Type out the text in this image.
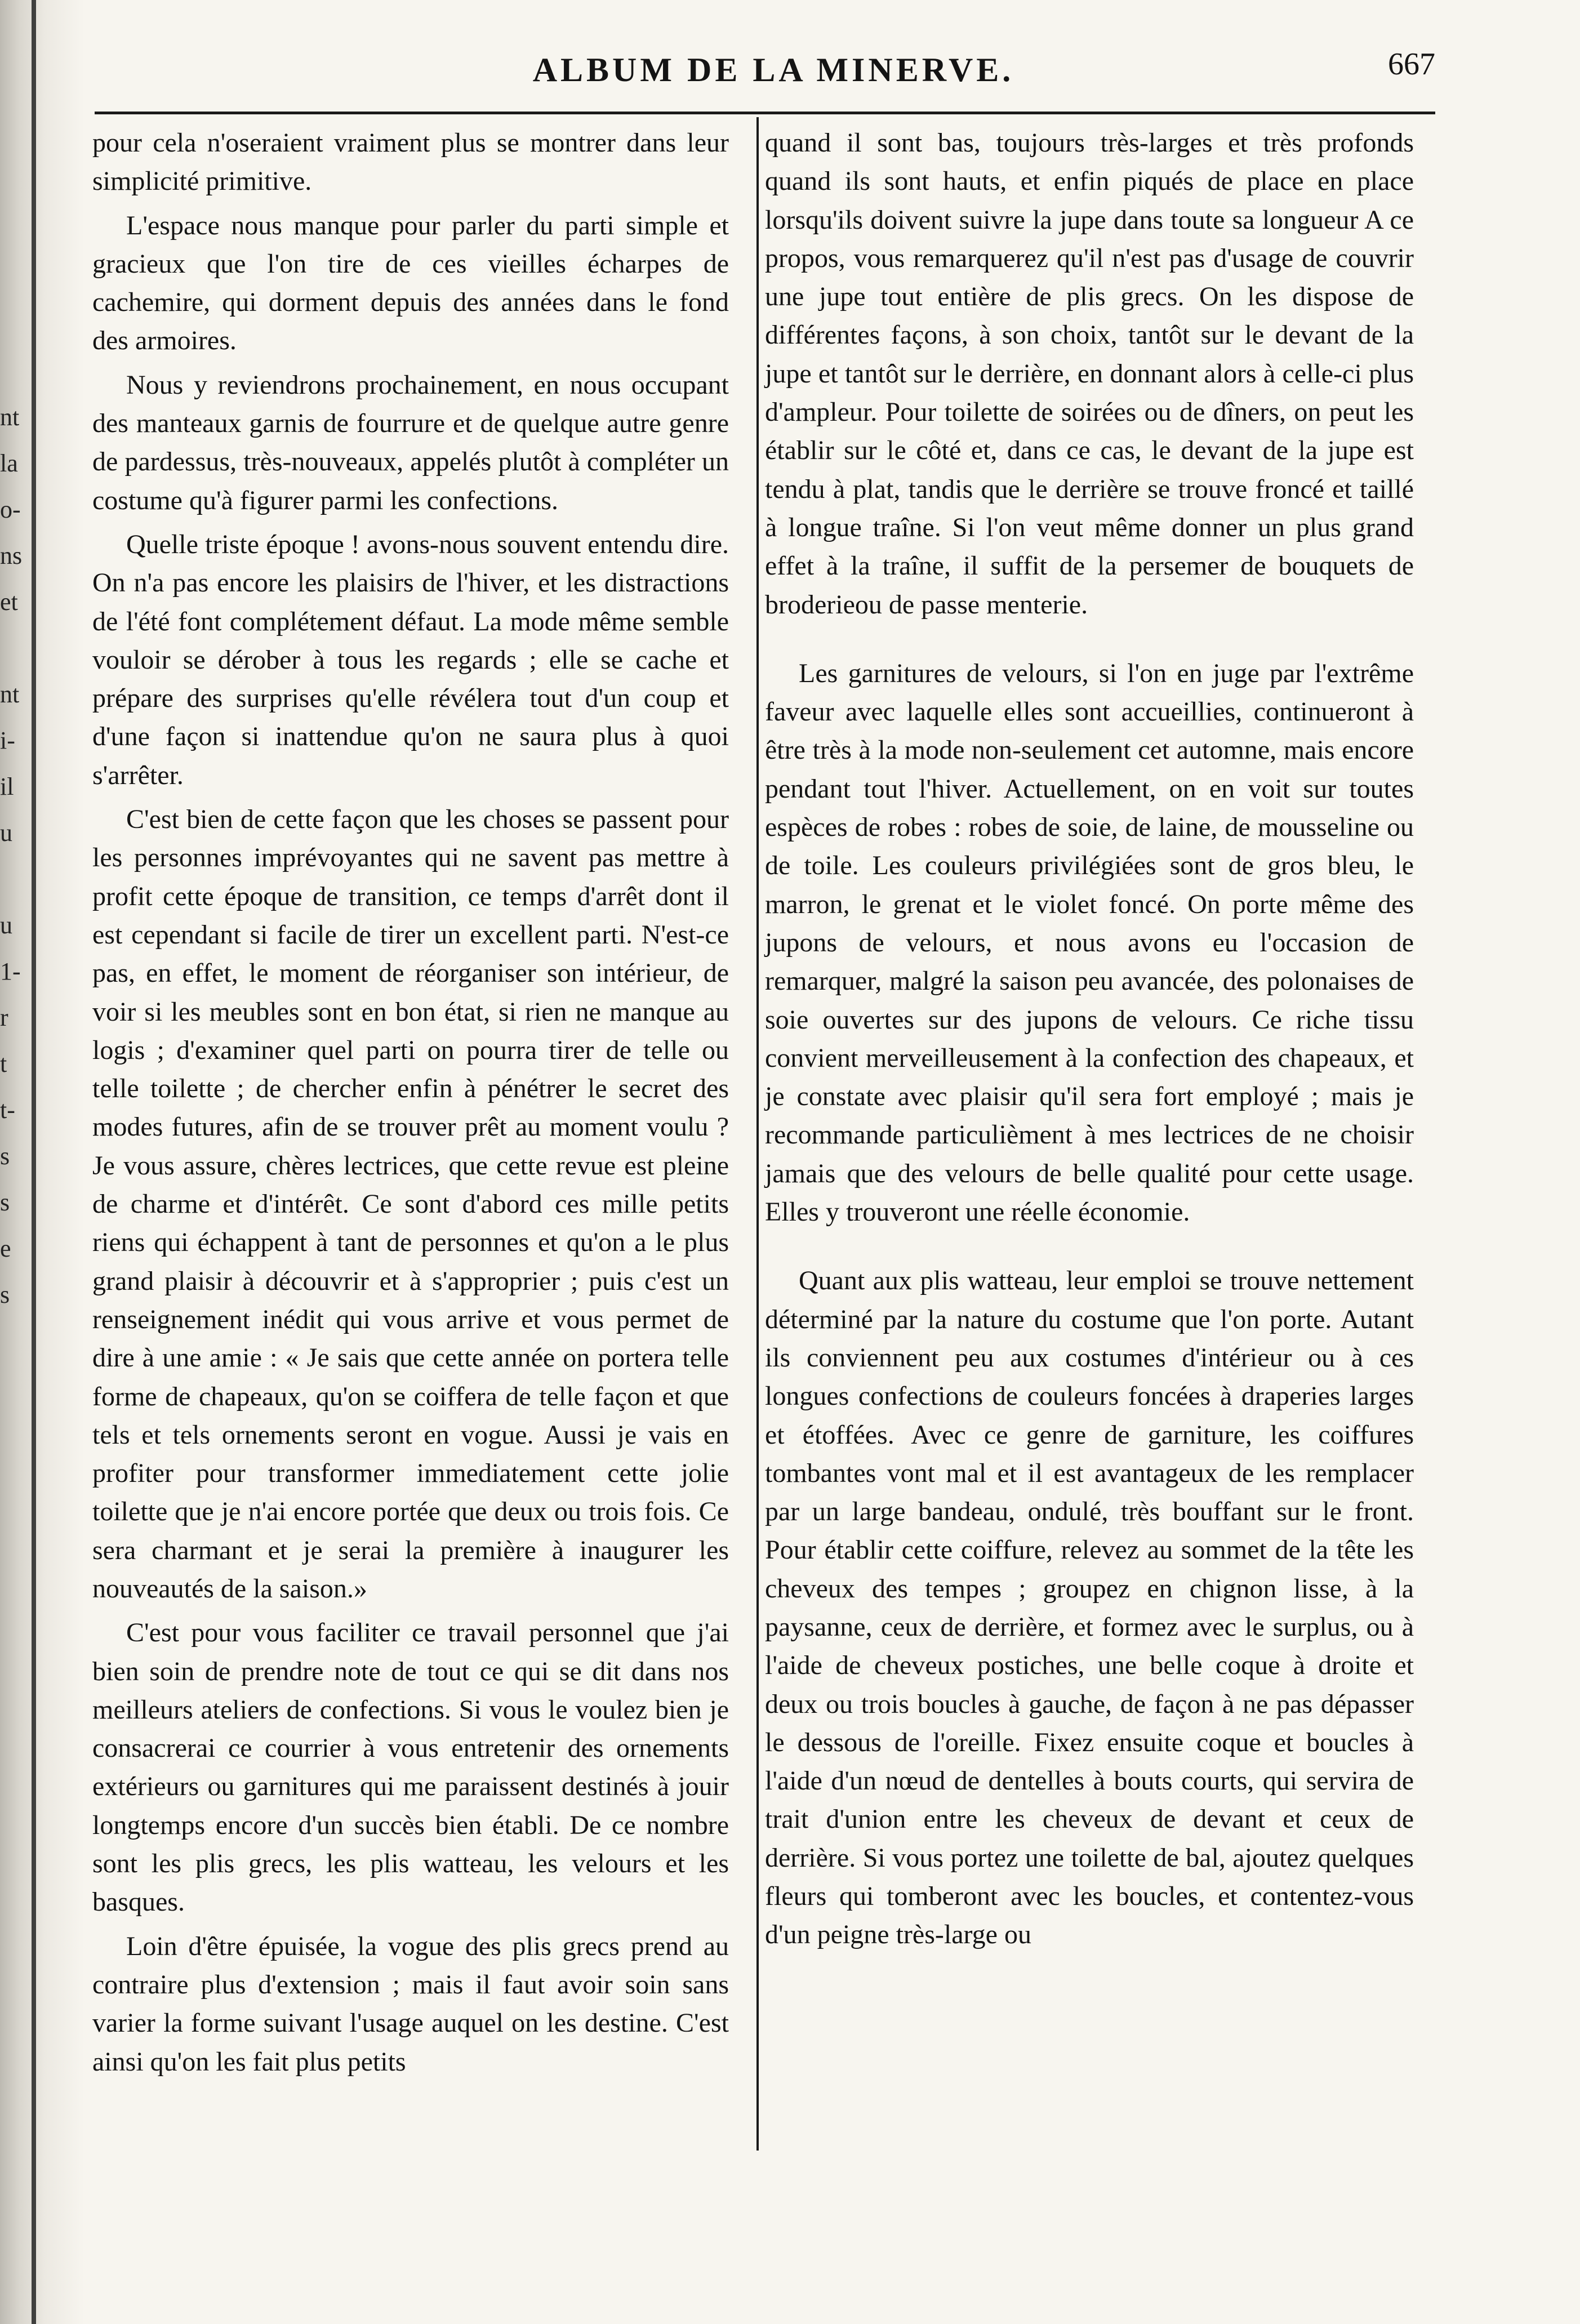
nt
la
o-
ns
et
nt
i-
il
u
u
1-
r
t
t-
s
s
e
s
ALBUM DE LA MINERVE.	667

pour cela n'oseraient vraiment plus se montrer dans leur simplicité primitive.

L'espace nous manque pour parler du parti simple et gracieux que l'on tire de ces vieilles écharpes de cachemire, qui dorment depuis des années dans le fond des armoires.

Nous y reviendrons prochainement, en nous occupant des manteaux garnis de fourrure et de quelque autre genre de pardessus, très-nouveaux, appelés plutôt à compléter un costume qu'à figurer parmi les confections.

Quelle triste époque ! avons-nous souvent entendu dire. On n'a pas encore les plaisirs de l'hiver, et les distractions de l'été font complétement défaut. La mode même semble vouloir se dérober à tous les regards ; elle se cache et prépare des surprises qu'elle révélera tout d'un coup et d'une façon si inattendue qu'on ne saura plus à quoi s'arrêter.

C'est bien de cette façon que les choses se passent pour les personnes imprévoyantes qui ne savent pas mettre à profit cette époque de transition, ce temps d'arrêt dont il est cependant si facile de tirer un excellent parti. N'est-ce pas, en effet, le moment de réorganiser son intérieur, de voir si les meubles sont en bon état, si rien ne manque au logis ; d'examiner quel parti on pourra tirer de telle ou telle toilette ; de chercher enfin à pénétrer le secret des modes futures, afin de se trouver prêt au moment voulu ? Je vous assure, chères lectrices, que cette revue est pleine de charme et d'intérêt. Ce sont d'abord ces mille petits riens qui échappent à tant de personnes et qu'on a le plus grand plaisir à découvrir et à s'approprier ; puis c'est un renseignement inédit qui vous arrive et vous permet de dire à une amie : « Je sais que cette année on portera telle forme de chapeaux, qu'on se coiffera de telle façon et que tels et tels ornements seront en vogue. Aussi je vais en profiter pour transformer immediatement cette jolie toilette que je n'ai encore portée que deux ou trois fois. Ce sera charmant et je serai la première à inaugurer les nouveautés de la saison.»

C'est pour vous faciliter ce travail personnel que j'ai bien soin de prendre note de tout ce qui se dit dans nos meilleurs ateliers de confections. Si vous le voulez bien je consacrerai ce courrier à vous entretenir des ornements extérieurs ou garnitures qui me paraissent destinés à jouir longtemps encore d'un succès bien établi. De ce nombre sont les plis grecs, les plis watteau, les velours et les basques.

Loin d'être épuisée, la vogue des plis grecs prend au contraire plus d'extension ; mais il faut avoir soin sans varier la forme suivant l'usage auquel on les destine. C'est ainsi qu'on les fait plus petits

quand il sont bas, toujours très-larges et très profonds quand ils sont hauts, et enfin piqués de place en place lorsqu'ils doivent suivre la jupe dans toute sa longueur A ce propos, vous remarquerez qu'il n'est pas d'usage de couvrir une jupe tout entière de plis grecs. On les dispose de différentes façons, à son choix, tantôt sur le devant de la jupe et tantôt sur le derrière, en donnant alors à celle-ci plus d'ampleur. Pour toilette de soirées ou de dîners, on peut les établir sur le côté et, dans ce cas, le devant de la jupe est tendu à plat, tandis que le derrière se trouve froncé et taillé à longue traîne. Si l'on veut même donner un plus grand effet à la traîne, il suffit de la persemer de bouquets de broderieou de passe menterie.

Les garnitures de velours, si l'on en juge par l'extrême faveur avec laquelle elles sont accueillies, continueront à être très à la mode non-seulement cet automne, mais encore pendant tout l'hiver. Actuellement, on en voit sur toutes espèces de robes : robes de soie, de laine, de mousseline ou de toile. Les couleurs privilégiées sont de gros bleu, le marron, le grenat et le violet foncé. On porte même des jupons de velours, et nous avons eu l'occasion de remarquer, malgré la saison peu avancée, des polonaises de soie ouvertes sur des jupons de velours. Ce riche tissu convient merveilleusement à la confection des chapeaux, et je constate avec plaisir qu'il sera fort employé ; mais je recommande particulièment à mes lectrices de ne choisir jamais que des velours de belle qualité pour cette usage. Elles y trouveront une réelle économie.

Quant aux plis watteau, leur emploi se trouve nettement déterminé par la nature du costume que l'on porte. Autant ils conviennent peu aux costumes d'intérieur ou à ces longues confections de couleurs foncées à draperies larges et étoffées. Avec ce genre de garniture, les coiffures tombantes vont mal et il est avantageux de les remplacer par un large bandeau, ondulé, très bouffant sur le front. Pour établir cette coiffure, relevez au sommet de la tête les cheveux des tempes ; groupez en chignon lisse, à la paysanne, ceux de derrière, et formez avec le surplus, ou à l'aide de cheveux postiches, une belle coque à droite et deux ou trois boucles à gauche, de façon à ne pas dépasser le dessous de l'oreille. Fixez ensuite coque et boucles à l'aide d'un nœud de dentelles à bouts courts, qui servira de trait d'union entre les cheveux de devant et ceux de derrière. Si vous portez une toilette de bal, ajoutez quelques fleurs qui tomberont avec les boucles, et contentez-vous d'un peigne très-large ou
